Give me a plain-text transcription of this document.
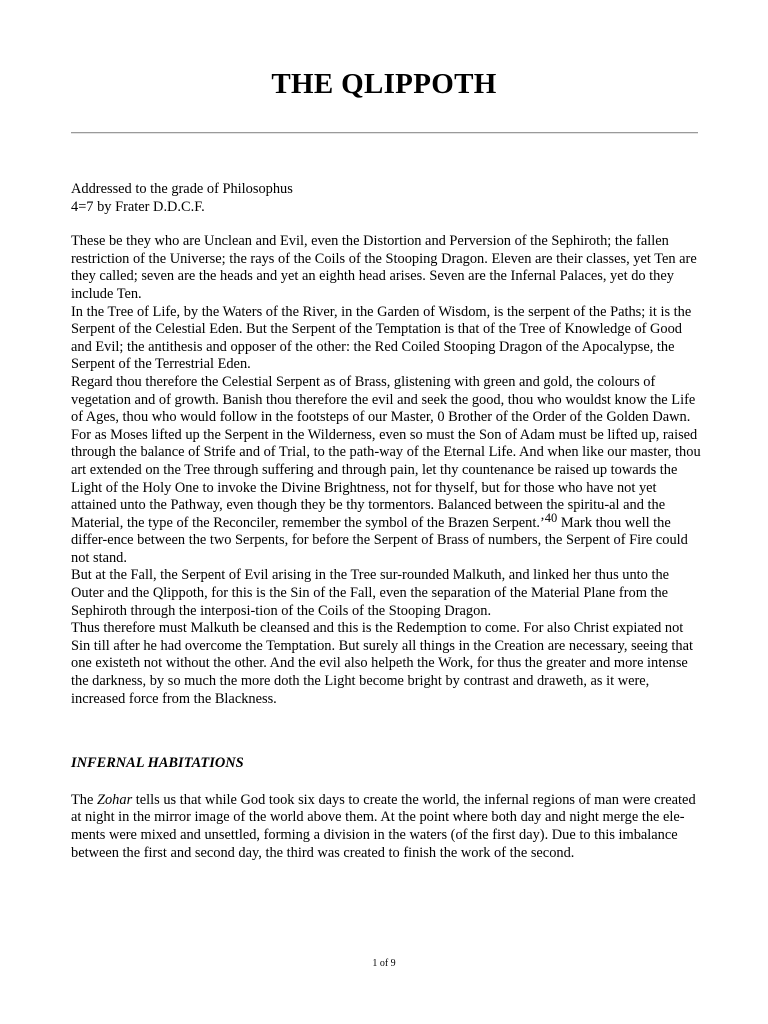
THE QLIPPOTH

Addressed to the grade of Philosophus

4=7 by Frater D.D.C.F.

These be they who are Unclean and Evil, even the Distortion and Perversion of the Sephiroth; the fallen restriction of the Universe; the rays of the Coils of the Stooping Dragon. Eleven are their classes, yet Ten are they called; seven are the heads and yet an eighth head arises. Seven are the Infernal Palaces, yet do they include Ten.

In the Tree of Life, by the Waters of the River, in the Garden of Wisdom, is the serpent of the Paths; it is the Serpent of the Celestial Eden. But the Serpent of the Temptation is that of the Tree of Knowledge of Good and Evil; the antithesis and opposer of the other: the Red Coiled Stooping Dragon of the Apocalypse, the Serpent of the Terrestrial Eden.

Regard thou therefore the Celestial Serpent as of Brass, glistening with green and gold, the colours of vegetation and of growth. Banish thou therefore the evil and seek the good, thou who wouldst know the Life of Ages, thou who would follow in the footsteps of our Master, 0 Brother of the Order of the Golden Dawn. For as Moses lifted up the Serpent in the Wilderness, even so must the Son of Adam must be lifted up, raised through the balance of Strife and of Trial, to the path-way of the Eternal Life. And when like our master, thou art extended on the Tree through suffering and through pain, let thy countenance be raised up towards the Light of the Holy One to invoke the Divine Brightness, not for thyself, but for those who have not yet attained unto the Pathway, even though they be thy tormentors. Balanced between the spiritu-al and the Material, the type of the Reconciler, remember the symbol of the Brazen Serpent.’40 Mark thou well the differ-ence between the two Serpents, for before the Serpent of Brass of numbers, the Serpent of Fire could not stand.

But at the Fall, the Serpent of Evil arising in the Tree sur-rounded Malkuth, and linked her thus unto the Outer and the Qlippoth, for this is the Sin of the Fall, even the separation of the Material Plane from the Sephiroth through the interposi-tion of the Coils of the Stooping Dragon.

Thus therefore must Malkuth be cleansed and this is the Redemption to come. For also Christ expiated not Sin till after he had overcome the Temptation. But surely all things in the Creation are necessary, seeing that one existeth not without the other. And the evil also helpeth the Work, for thus the greater and more intense the darkness, by so much the more doth the Light become bright by contrast and draweth, as it were, increased force from the Blackness.

INFERNAL HABITATIONS

The Zohar tells us that while God took six days to create the world, the infernal regions of man were created at night in the mirror image of the world above them. At the point where both day and night merge the ele-ments were mixed and unsettled, forming a division in the waters (of the first day). Due to this imbalance between the first and second day, the third was created to finish the work of the second.

1 of 9
